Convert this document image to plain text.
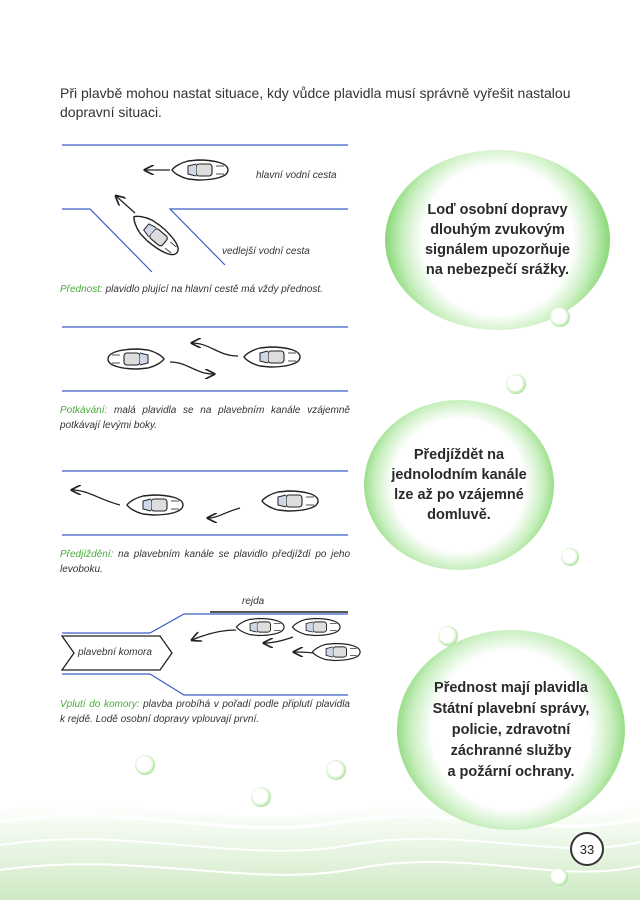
Při plavbě mohou nastat situace, kdy vůdce plavidla musí správně vyřešit nastalou dopravní situaci.
hlavní vodní cesta
vedlejší vodní cesta
rejda
plavební komora

Přednost: plavidlo plující na hlavní cestě má vždy přednost.

Potkávání: malá plavidla se na plavebním kanále vzájemně potkávají levými boky.

Předjíždění: na plavebním kanále se plavidlo předjíždí po jeho levoboku.

Vplutí do komory: plavba probíhá v pořadí podle připlutí plavidla k rejdě. Lodě osobní dopravy vplouvají první.

Loď osobní dopravy
dlouhým zvukovým
signálem upozorňuje
na nebezpečí srážky.
Předjíždět na
jednolodním kanále
lze až po vzájemné
domluvě.
Přednost mají plavidla
Státní plavební správy,
policie, zdravotní
záchranné služby
a požární ochrany.
33
